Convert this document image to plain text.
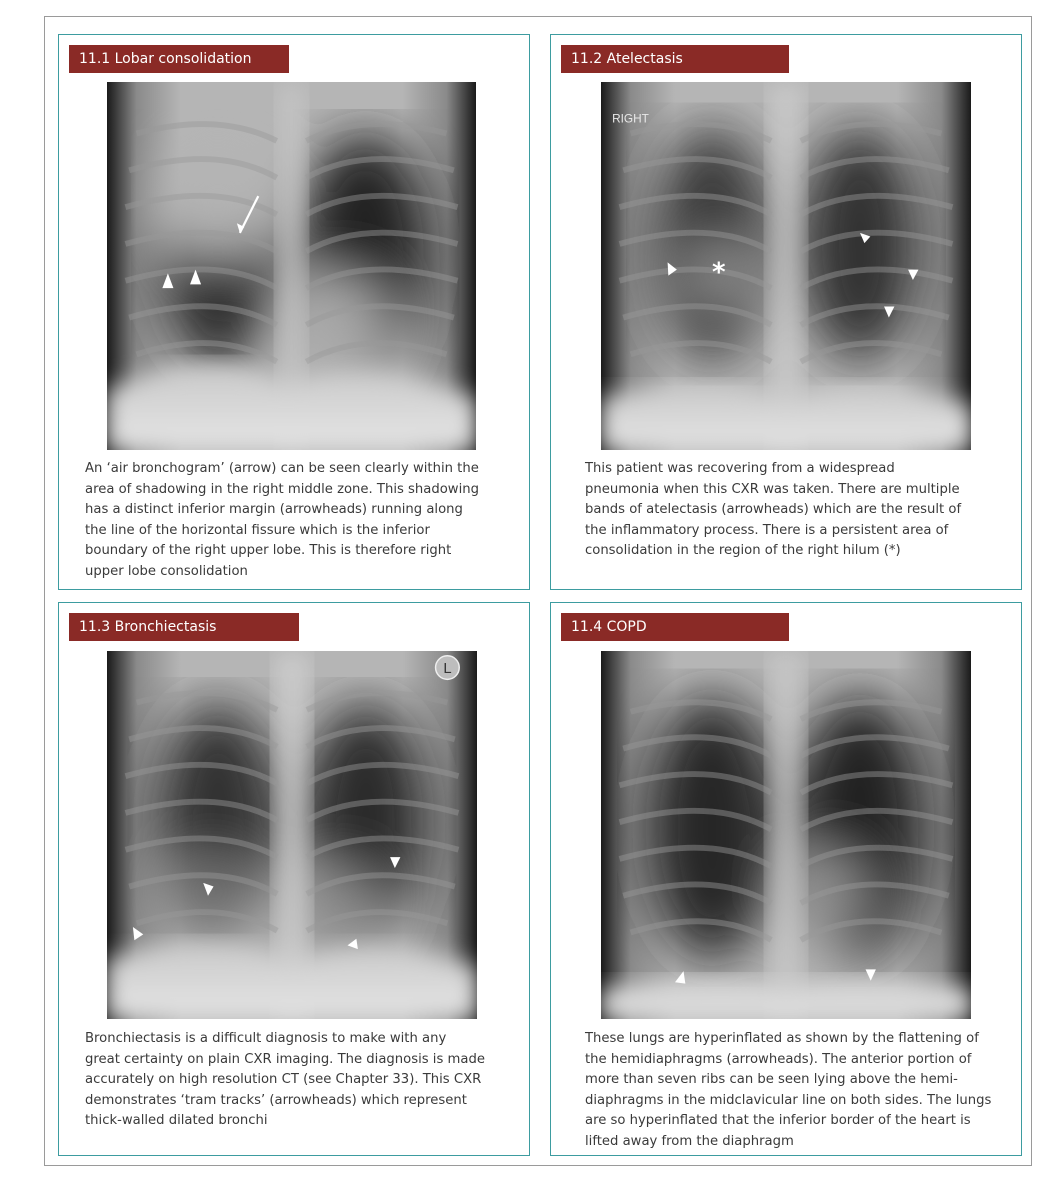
11.1 Lobar consolidation
An ‘air bronchogram’ (arrow) can be seen clearly within the
area of shadowing in the right middle zone. This shadowing
has a distinct inferior margin (arrowheads) running along
the line of the horizontal fissure which is the inferior
boundary of the right upper lobe. This is therefore right
upper lobe consolidation
11.2 Atelectasis
RIGHT
*
This patient was recovering from a widespread
pneumonia when this CXR was taken. There are multiple
bands of atelectasis (arrowheads) which are the result of
the inflammatory process. There is a persistent area of
consolidation in the region of the right hilum (*)
11.3 Bronchiectasis
L
Bronchiectasis is a difficult diagnosis to make with any
great certainty on plain CXR imaging. The diagnosis is made
accurately on high resolution CT (see Chapter 33). This CXR
demonstrates ‘tram tracks’ (arrowheads) which represent
thick-walled dilated bronchi
11.4 COPD
These lungs are hyperinflated as shown by the flattening of
the hemidiaphragms (arrowheads). The anterior portion of
more than seven ribs can be seen lying above the hemi-
diaphragms in the midclavicular line on both sides. The lungs
are so hyperinflated that the inferior border of the heart is
lifted away from the diaphragm
